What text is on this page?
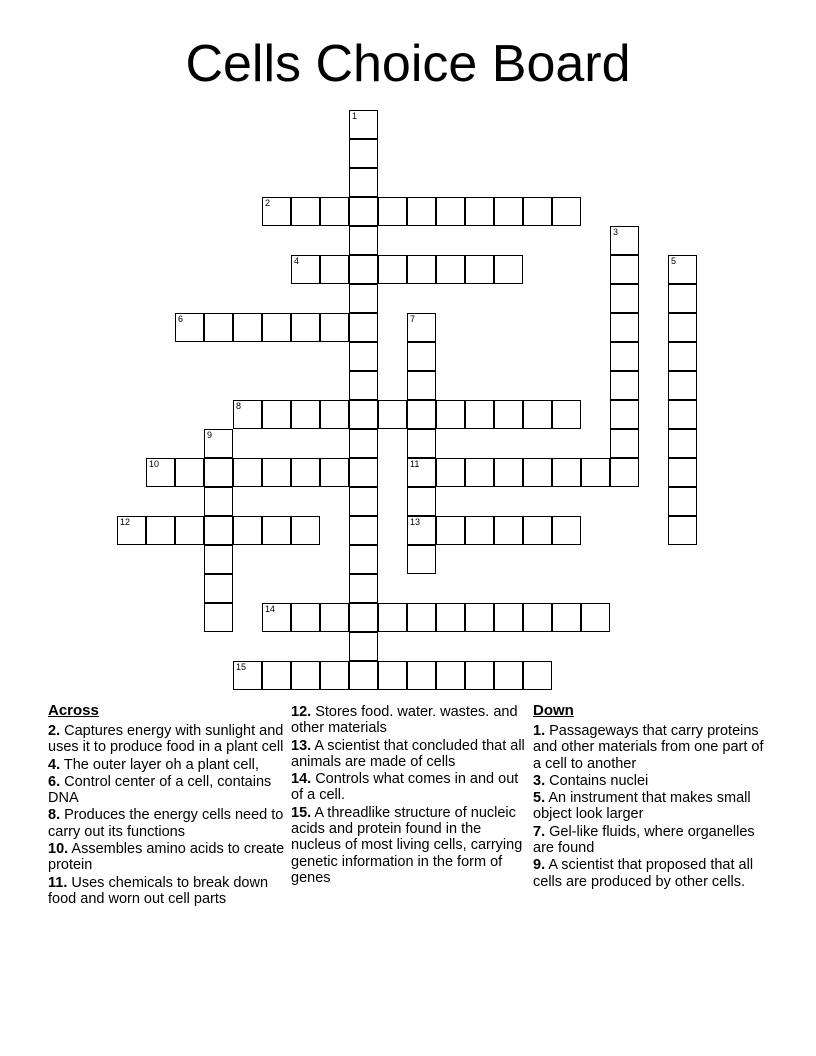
Cells Choice Board
1
2
3
4	5
6	7
11
13
8
9
10
12
14
15
Across
2. Captures energy with sunlight and uses it to produce food in a plant cell
4. The outer layer oh a plant cell,
6. Control center of a cell, contains DNA
8. Produces the energy cells need to carry out its functions
10. Assembles amino acids to create protein
11. Uses chemicals to break down food and worn out cell parts
12. Stores food. water. wastes. and other materials
13. A scientist that concluded that all animals are made of cells
14. Controls what comes in and out of a cell.
15. A threadlike structure of nucleic acids and protein found in the nucleus of most living cells, carrying genetic information in the form of genes
Down
1. Passageways that carry proteins and other materials from one part of a cell to another
3. Contains nuclei
5. An instrument that makes small object look larger
7. Gel-like fluids, where organelles are found
9. A scientist that proposed that all cells are produced by other cells.
